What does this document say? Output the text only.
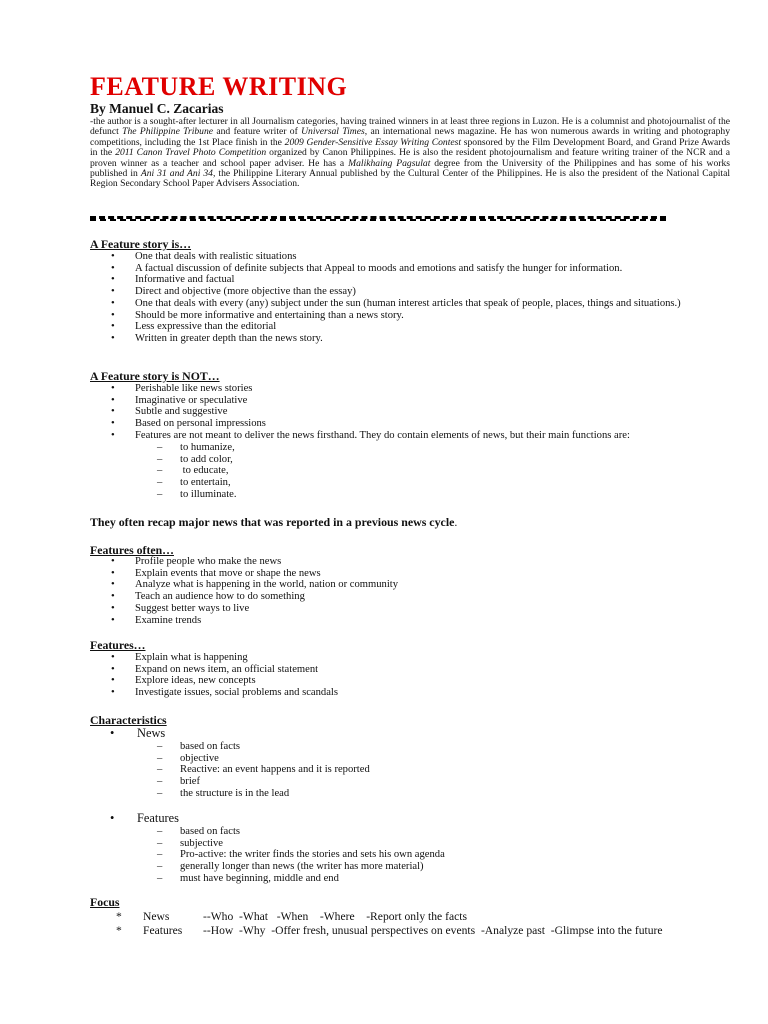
FEATURE WRITING

By Manuel C. Zacarias

-the author is a sought-after lecturer in all Journalism categories, having trained winners in at least three regions in Luzon. He is a columnist and photojournalist of the defunct The Philippine Tribune and feature writer of Universal Times, an international news magazine. He has won numerous awards in writing and photography competitions, including the 1st Place finish in the 2009 Gender-Sensitive Essay Writing Contest sponsored by the Film Development Board, and Grand Prize Awards in the 2011 Canon Travel Photo Competition organized by Canon Philippines. He is also the resident photojournalism and feature writing trainer of the NCR and a proven winner as a teacher and school paper adviser. He has a Malikhaing Pagsulat degree from the University of the Philippines and has some of his works published in Ani 31 and Ani 34, the Philippine Literary Annual published by the Cultural Center of the Philippines. He is also the president of the National Capital Region Secondary School Paper Advisers Association.

A Feature story is…

• One that deals with realistic situations
• A factual discussion of definite subjects that Appeal to moods and emotions and satisfy the hunger for information.
• Informative and factual
• Direct and objective (more objective than the essay)
• One that deals with every (any) subject under the sun (human interest articles that speak of people, places, things and situations.)
• Should be more informative and entertaining than a news story.
• Less expressive than the editorial
• Written in greater depth than the news story.

A Feature story is NOT…

• Perishable like news stories
• Imaginative or speculative
• Subtle and suggestive
• Based on personal impressions
• Features are not meant to deliver the news firsthand. They do contain elements of news, but their main functions are:
– to humanize,
– to add color,
–  to educate,
– to entertain,
– to illuminate.

They often recap major news that was reported in a previous news cycle.

Features often…

• Profile people who make the news
• Explain events that move or shape the news
• Analyze what is happening in the world, nation or community
• Teach an audience how to do something
• Suggest better ways to live
• Examine trends

Features…

• Explain what is happening
• Expand on news item, an official statement
• Explore ideas, new concepts
• Investigate issues, social problems and scandals

Characteristics

• News

– based on facts
– objective
– Reactive: an event happens and it is reported
– brief
– the structure is in the lead

• Features

– based on facts
– subjective
– Pro-active: the writer finds the stories and sets his own agenda
– generally longer than news (the writer has more material)
– must have beginning, middle and end

Focus

* News	--Who  -What   -When    -Where    -Report only the facts

* Features --How  -Why  -Offer fresh, unusual perspectives on events  -Analyze past  -Glimpse into the future
